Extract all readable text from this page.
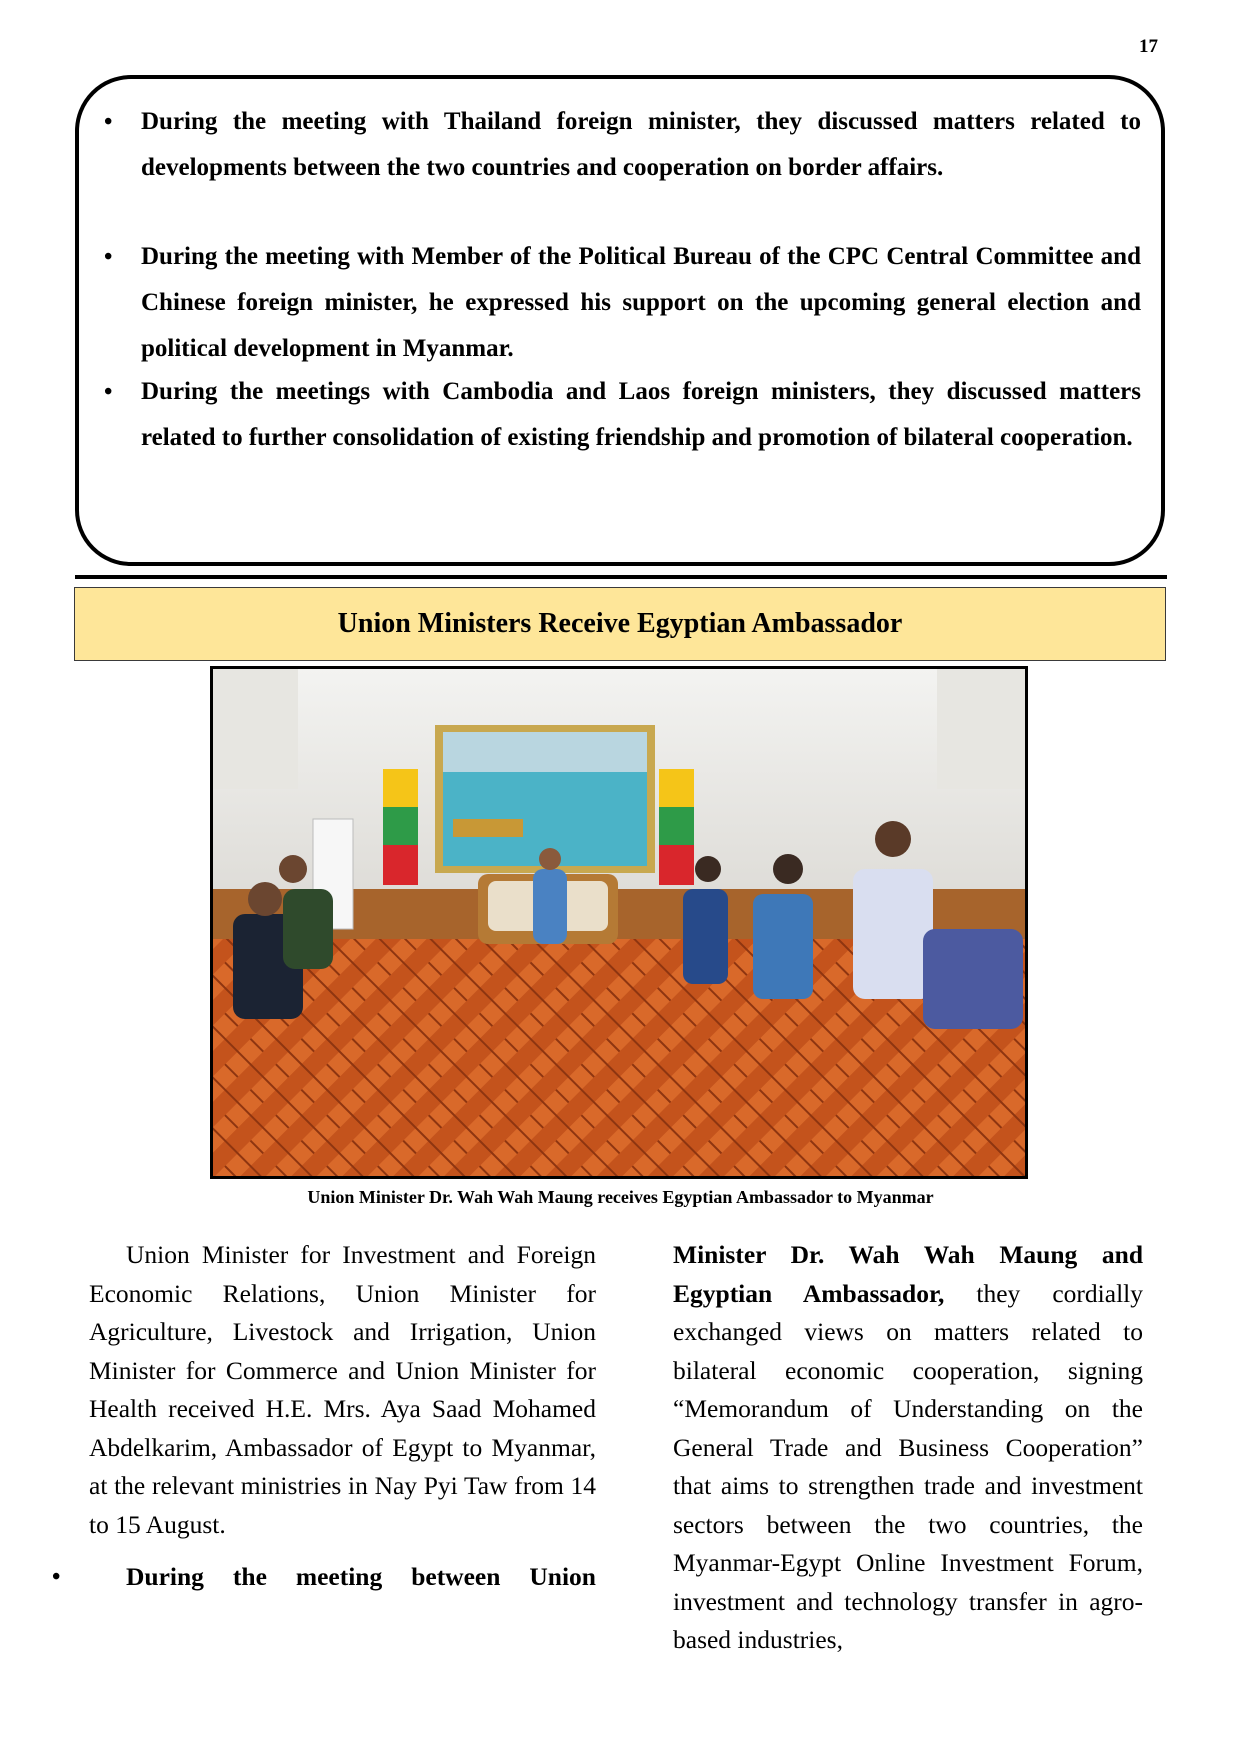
17
• During the meeting with Thailand foreign minister, they discussed matters related to developments between the two countries and cooperation on border affairs.
• During the meeting with Member of the Political Bureau of the CPC Central Committee and Chinese foreign minister, he expressed his support on the upcoming general election and political development in Myanmar.
• During the meetings with Cambodia and Laos foreign ministers, they discussed matters related to further consolidation of existing friendship and promotion of bilateral cooperation.
Union Ministers Receive Egyptian Ambassador
Union Minister Dr. Wah Wah Maung receives Egyptian Ambassador to Myanmar

Union Minister for Investment and Foreign Economic Relations, Union Minister for Agriculture, Livestock and Irrigation, Union Minister for Commerce and Union Minister for Health received H.E. Mrs. Aya Saad Mohamed Abdelkarim, Ambassador of Egypt to Myanmar, at the relevant ministries in Nay Pyi Taw from 14 to 15 August.

•	During the meeting between Union

Minister Dr. Wah Wah Maung and Egyptian Ambassador, they cordially exchanged views on matters related to bilateral economic cooperation, signing “Memorandum of Understanding on the General Trade and Business Cooperation” that aims to strengthen trade and investment sectors between the two countries, the Myanmar-Egypt Online Investment Forum, investment and technology transfer in agro-based industries,
